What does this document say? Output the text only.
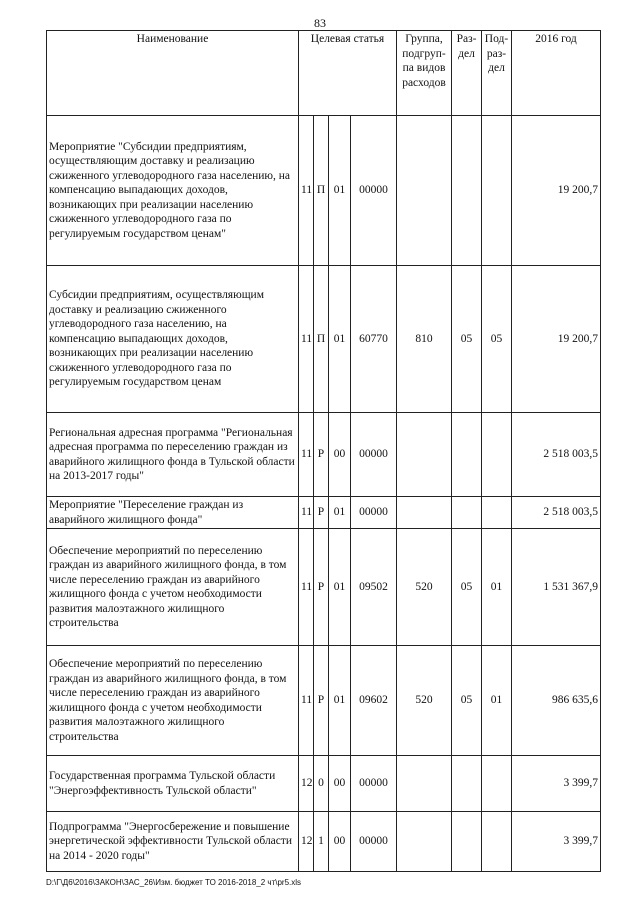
83
Наименование	Целевая статья				Группа, подгруп-па видов расходов	Раз-дел	Под-раз-дел	2016 год
Мероприятие "Субсидии предприятиям, осуществляющим доставку и реализацию сжиженного углеводородного газа населению, на компенсацию выпадающих доходов, возникающих при реализации населению сжиженного углеводородного газа по регулируемым государством ценам"	11	П	01	00000				19 200,7
Субсидии предприятиям, осуществляющим доставку и реализацию сжиженного углеводородного газа населению, на компенсацию выпадающих доходов, возникающих при реализации населению сжиженного углеводородного газа по регулируемым государством ценам	11	П	01	60770	810	05	05	19 200,7
Региональная адресная программа "Региональная адресная программа по переселению граждан из аварийного жилищного фонда в Тульской области на 2013-2017 годы"	11	Р	00	00000				2 518 003,5
Мероприятие "Переселение граждан из аварийного жилищного фонда"	11	Р	01	00000				2 518 003,5
Обеспечение мероприятий по переселению граждан из аварийного жилищного фонда, в том числе переселению граждан из аварийного жилищного фонда с учетом необходимости развития малоэтажного жилищного строительства	11	Р	01	09502	520	05	01	1 531 367,9
Обеспечение мероприятий по переселению граждан из аварийного жилищного фонда, в том числе переселению граждан из аварийного жилищного фонда с учетом необходимости развития малоэтажного жилищного строительства	11	Р	01	09602	520	05	01	986 635,6
Государственная программа Тульской области "Энергоэффективность Тульской области"	12	0	00	00000				3 399,7
Подпрограмма "Энергосбережение и повышение энергетической эффективности Тульской области на 2014 - 2020 годы"	12	1	00	00000				3 399,7
D:\Г\Д6\2016\ЗАКОН\ЗАС_26\Изм. бюджет ТО 2016-2018_2 чт\pr5.xls
